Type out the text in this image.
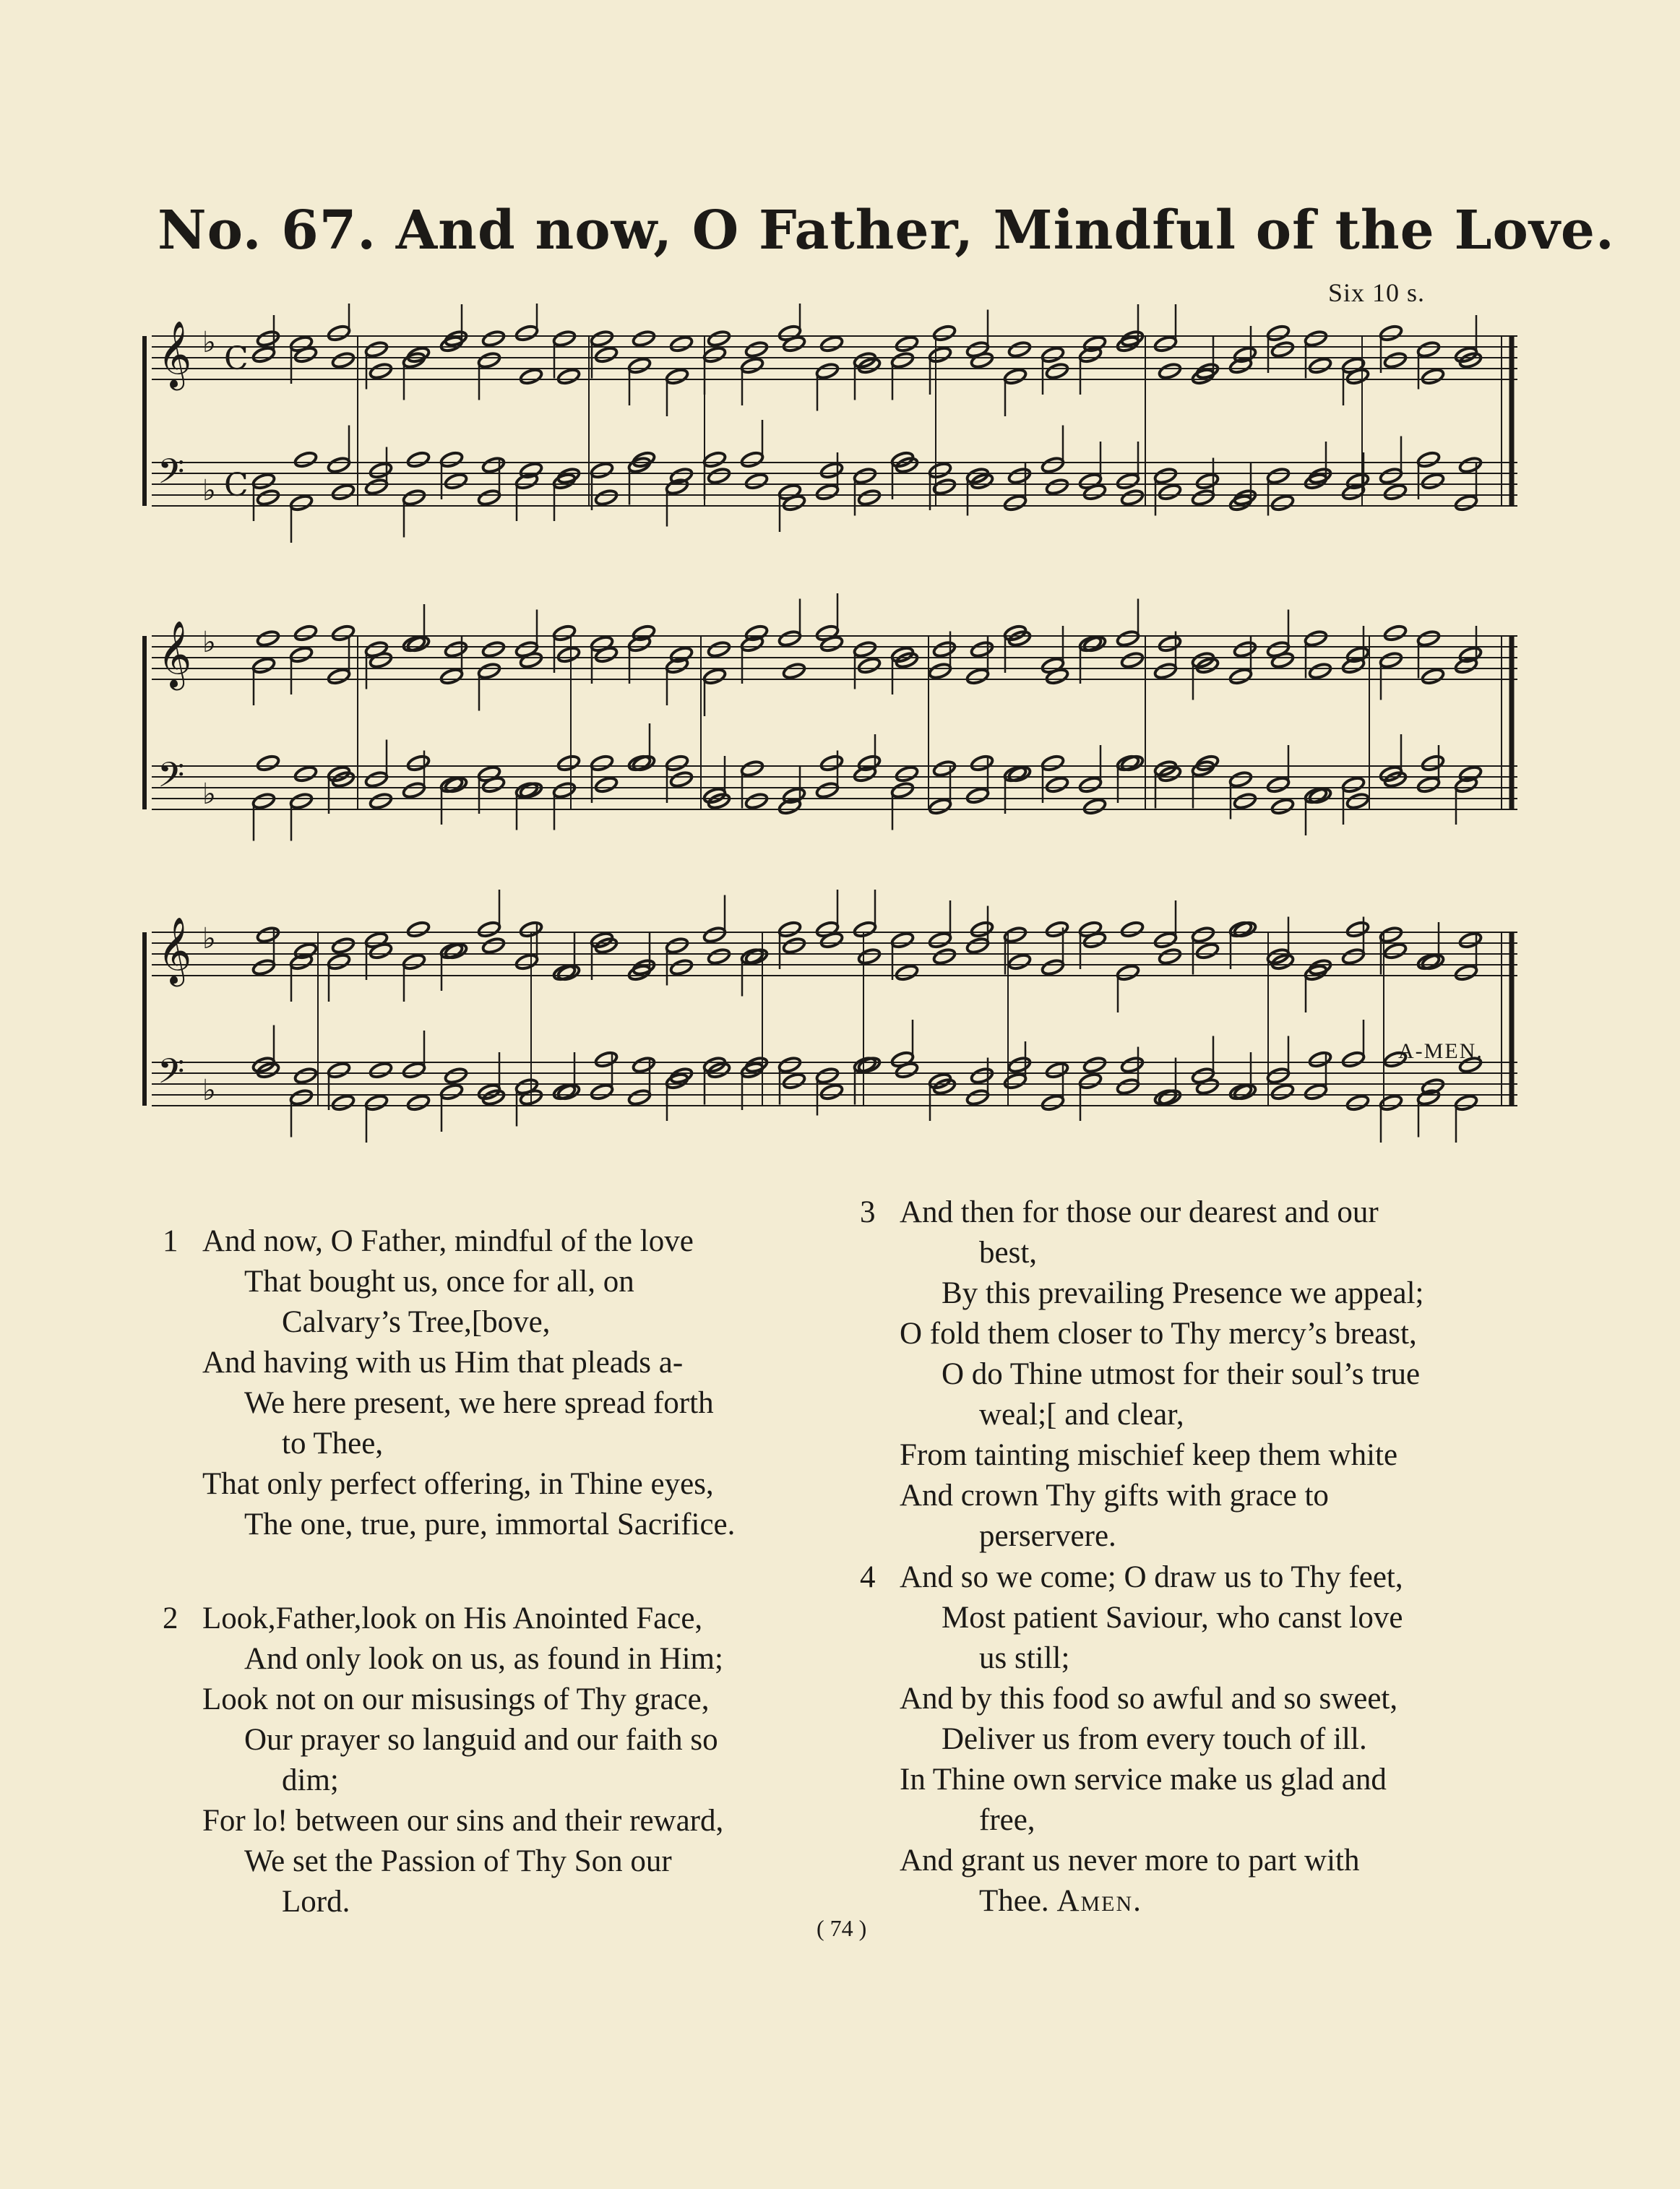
No. 67. And now, O Father, Mindful of the Love.
Six 10 s.
𝄞 ♭ C
𝄢 ♭ C
𝄞 ♭
𝄢 ♭
𝄞 ♭
𝄢 ♭
A-MEN.
1 And now, O Father, mindful of the love
That bought us, once for all, on
Calvary’s Tree,[bove,
And having with us Him that pleads a-
We here present, we here spread forth
to Thee,
That only perfect offering, in Thine eyes,
The one, true, pure, immortal Sacrifice.
2 Look,Father,look on His Anointed Face,
And only look on us, as found in Him;
Look not on our misusings of Thy grace,
Our prayer so languid and our faith so
dim;
For lo! between our sins and their reward,
We set the Passion of Thy Son our
Lord.
3 And then for those our dearest and our
best,
By this prevailing Presence we appeal;
O fold them closer to Thy mercy’s breast,
O do Thine utmost for their soul’s true
weal;[ and clear,
From tainting mischief keep them white
And crown Thy gifts with grace to
perservere.
4 And so we come; O draw us to Thy feet,
Most patient Saviour, who canst love
us still;
And by this food so awful and so sweet,
Deliver us from every touch of ill.
In Thine own service make us glad and
free,
And grant us never more to part with
Thee. Amen.
( 74 )
